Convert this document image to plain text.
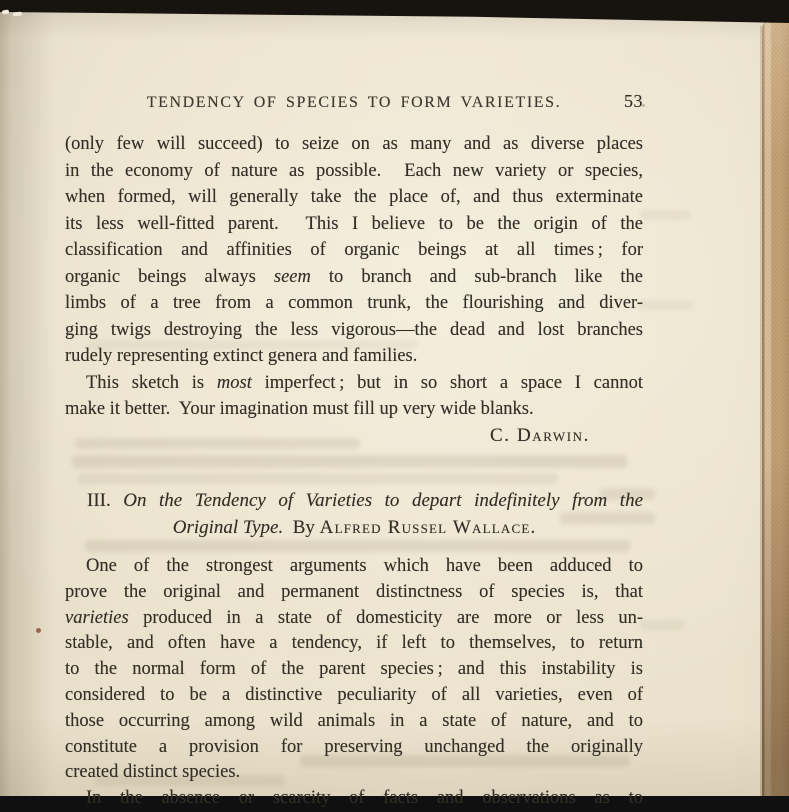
TENDENCY OF SPECIES TO FORM VARIETIES.	53
(only few will succeed) to seize on as many and as diverse places
in the economy of nature as possible.  Each new variety or species,
when formed, will generally take the place of, and thus exterminate
its less well-fitted parent.  This I believe to be the origin of the
classification and affinities of organic beings at all times ; for
organic beings always seem to branch and sub-branch like the
limbs of a tree from a common trunk, the flourishing and diver-
ging twigs destroying the less vigorous—the dead and lost branches
rudely representing extinct genera and families.
This sketch is most imperfect ; but in so short a space I cannot
make it better.  Your imagination must fill up very wide blanks.
C. Darwin.
III. On the Tendency of Varieties to depart indefinitely from the
Original Type.  By Alfred Russel Wallace.
One of the strongest arguments which have been adduced to
prove the original and permanent distinctness of species is, that
varieties produced in a state of domesticity are more or less un-
stable, and often have a tendency, if left to themselves, to return
to the normal form of the parent species ; and this instability is
considered to be a distinctive peculiarity of all varieties, even of
those occurring among wild animals in a state of nature, and to
constitute a provision for preserving unchanged the originally
created distinct species.
In the absence or scarcity of facts and observations as to
